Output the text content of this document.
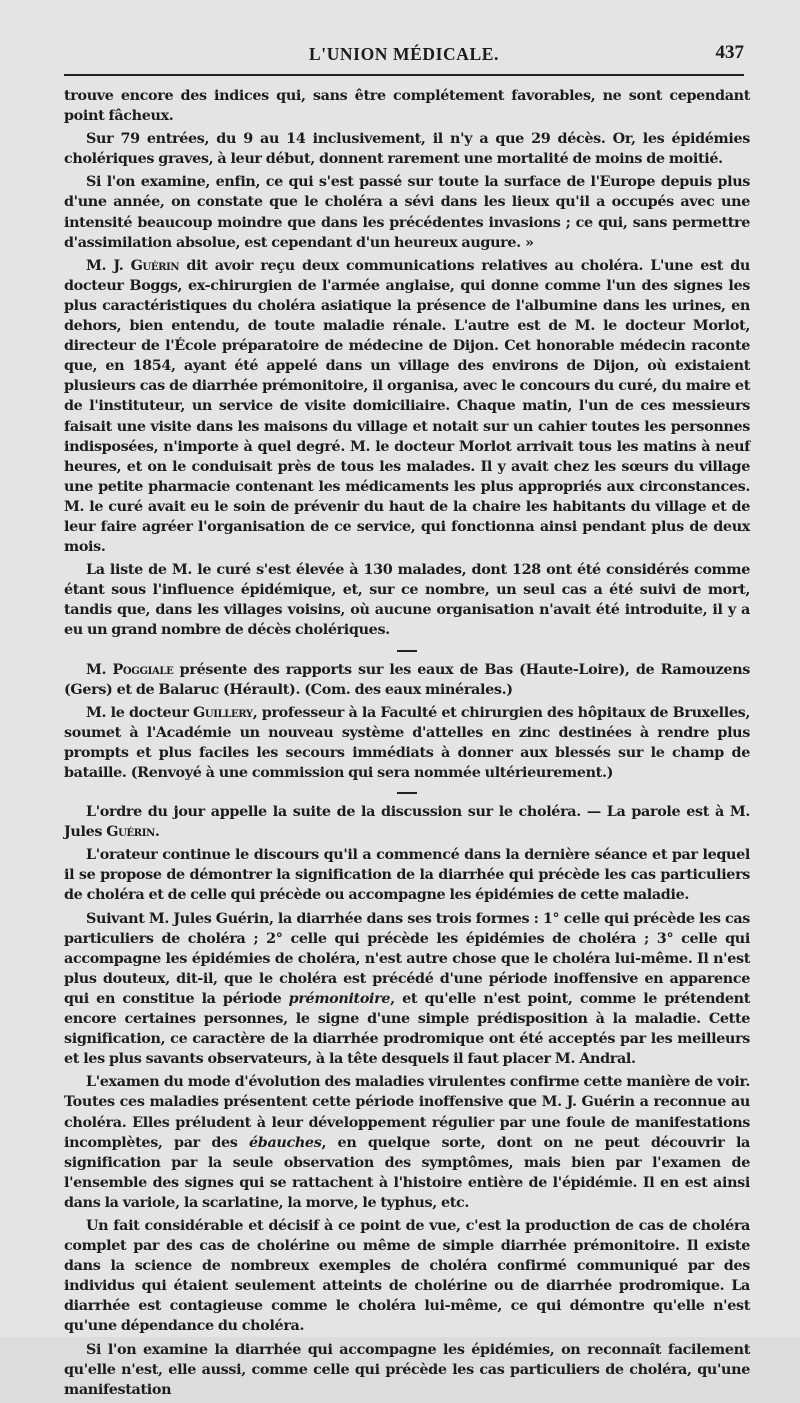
L'UNION MÉDICALE.	437

trouve encore des indices qui, sans être complétement favorables, ne sont cependant point fâcheux.

Sur 79 entrées, du 9 au 14 inclusivement, il n'y a que 29 décès. Or, les épidémies cholériques graves, à leur début, donnent rarement une mortalité de moins de moitié.

Si l'on examine, enfin, ce qui s'est passé sur toute la surface de l'Europe depuis plus d'une année, on constate que le choléra a sévi dans les lieux qu'il a occupés avec une intensité beaucoup moindre que dans les précédentes invasions ; ce qui, sans permettre d'assimilation absolue, est cependant d'un heureux augure. »

M. J. Guérin dit avoir reçu deux communications relatives au choléra. L'une est du docteur Boggs, ex-chirurgien de l'armée anglaise, qui donne comme l'un des signes les plus caractéristiques du choléra asiatique la présence de l'albumine dans les urines, en dehors, bien entendu, de toute maladie rénale. L'autre est de M. le docteur Morlot, directeur de l'École préparatoire de médecine de Dijon. Cet honorable médecin raconte que, en 1854, ayant été appelé dans un village des environs de Dijon, où existaient plusieurs cas de diarrhée prémonitoire, il organisa, avec le concours du curé, du maire et de l'instituteur, un service de visite domiciliaire. Chaque matin, l'un de ces messieurs faisait une visite dans les maisons du village et notait sur un cahier toutes les personnes indisposées, n'importe à quel degré. M. le docteur Morlot arrivait tous les matins à neuf heures, et on le conduisait près de tous les malades. Il y avait chez les sœurs du village une petite pharmacie contenant les médicaments les plus appropriés aux circonstances. M. le curé avait eu le soin de prévenir du haut de la chaire les habitants du village et de leur faire agréer l'organisation de ce service, qui fonctionna ainsi pendant plus de deux mois.

La liste de M. le curé s'est élevée à 130 malades, dont 128 ont été considérés comme étant sous l'influence épidémique, et, sur ce nombre, un seul cas a été suivi de mort, tandis que, dans les villages voisins, où aucune organisation n'avait été introduite, il y a eu un grand nombre de décès cholériques.

M. Poggiale présente des rapports sur les eaux de Bas (Haute-Loire), de Ramouzens (Gers) et de Balaruc (Hérault). (Com. des eaux minérales.)

M. le docteur Guillery, professeur à la Faculté et chirurgien des hôpitaux de Bruxelles, soumet à l'Académie un nouveau système d'attelles en zinc destinées à rendre plus prompts et plus faciles les secours immédiats à donner aux blessés sur le champ de bataille. (Renvoyé à une commission qui sera nommée ultérieurement.)

L'ordre du jour appelle la suite de la discussion sur le choléra. — La parole est à M. Jules Guérin.

L'orateur continue le discours qu'il a commencé dans la dernière séance et par lequel il se propose de démontrer la signification de la diarrhée qui précède les cas particuliers de choléra et de celle qui précède ou accompagne les épidémies de cette maladie.

Suivant M. Jules Guérin, la diarrhée dans ses trois formes : 1° celle qui précède les cas particuliers de choléra ; 2° celle qui précède les épidémies de choléra ; 3° celle qui accompagne les épidémies de choléra, n'est autre chose que le choléra lui-même. Il n'est plus douteux, dit-il, que le choléra est précédé d'une période inoffensive en apparence qui en constitue la période prémonitoire, et qu'elle n'est point, comme le prétendent encore certaines personnes, le signe d'une simple prédisposition à la maladie. Cette signification, ce caractère de la diarrhée prodromique ont été acceptés par les meilleurs et les plus savants observateurs, à la tête desquels il faut placer M. Andral.

L'examen du mode d'évolution des maladies virulentes confirme cette manière de voir. Toutes ces maladies présentent cette période inoffensive que M. J. Guérin a reconnue au choléra. Elles préludent à leur développement régulier par une foule de manifestations incomplètes, par des ébauches, en quelque sorte, dont on ne peut découvrir la signification par la seule observation des symptômes, mais bien par l'examen de l'ensemble des signes qui se rattachent à l'histoire entière de l'épidémie. Il en est ainsi dans la variole, la scarlatine, la morve, le typhus, etc.

Un fait considérable et décisif à ce point de vue, c'est la production de cas de choléra complet par des cas de cholérine ou même de simple diarrhée prémonitoire. Il existe dans la science de nombreux exemples de choléra confirmé communiqué par des individus qui étaient seulement atteints de cholérine ou de diarrhée prodromique. La diarrhée est contagieuse comme le choléra lui-même, ce qui démontre qu'elle n'est qu'une dépendance du choléra.

Si l'on examine la diarrhée qui accompagne les épidémies, on reconnaît facilement qu'elle n'est, elle aussi, comme celle qui précède les cas particuliers de choléra, qu'une manifestation
